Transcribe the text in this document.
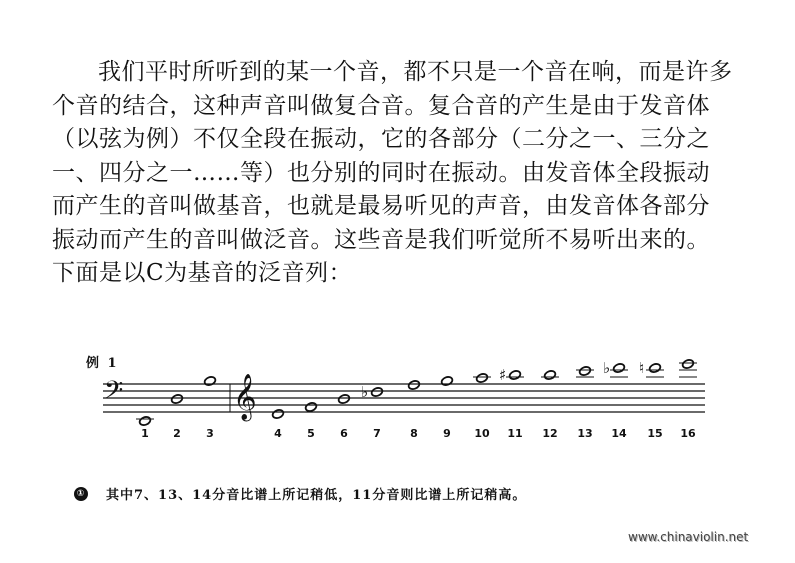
我们平时所听到的某一个音，都不只是一个音在响，而是许多
个音的结合，这种声音叫做复合音。复合音的产生是由于发音体
（以弦为例）不仅全段在振动，它的各部分（二分之一、三分之
一、四分之一……等）也分别的同时在振动。由发音体全段振动
而产生的音叫做基音，也就是最易听见的声音，由发音体各部分
振动而产生的音叫做泛音。这些音是我们听觉所不易听出来的。
下面是以C为基音的泛音列：
例 1
𝄢	𝄞
1 2 3	4 5 6
♭
7	8 9 10
♯
11 12 13
♭
14
♮
15 16
① 其中7、13、14分音比谱上所记稍低，11分音则比谱上所记稍高。
www.chinaviolin.net
